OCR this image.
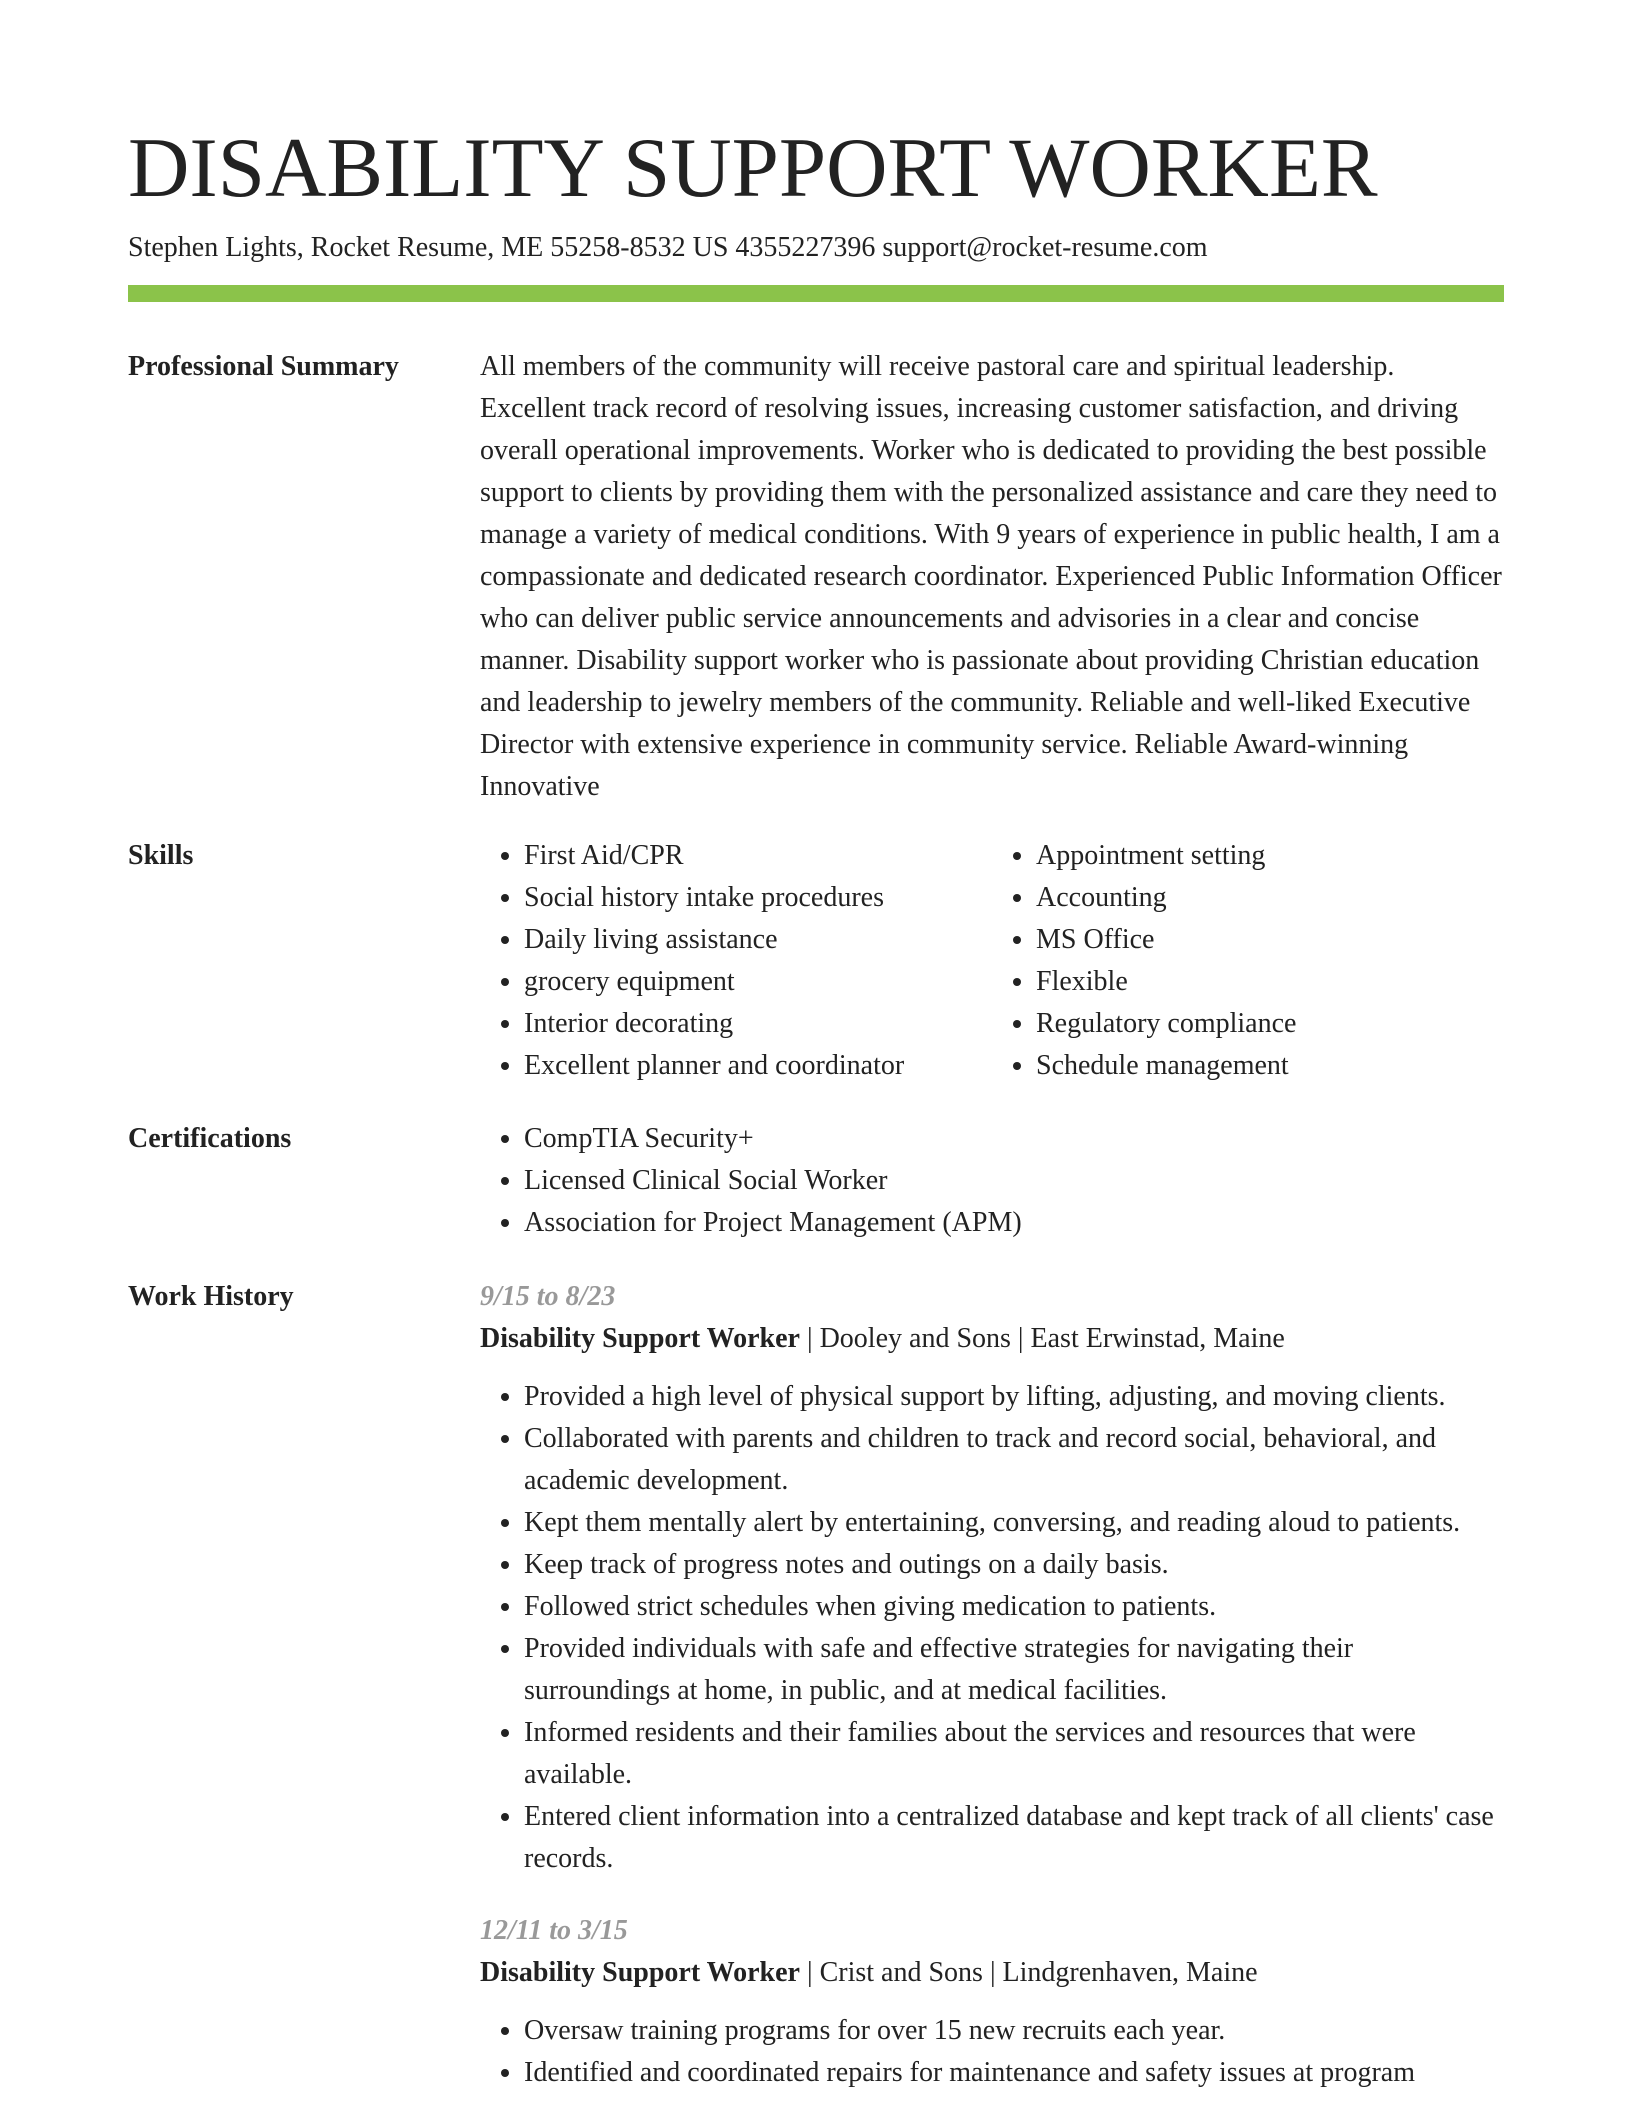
DISABILITY SUPPORT WORKER
Stephen Lights, Rocket Resume, ME 55258-8532 US 4355227396 support@rocket-resume.com
Professional Summary	All members of the community will receive pastoral care and spiritual leadership. Excellent track record of resolving issues, increasing customer satisfaction, and driving overall operational improvements. Worker who is dedicated to providing the best possible support to clients by providing them with the personalized assistance and care they need to manage a variety of medical conditions. With 9 years of experience in public health, I am a compassionate and dedicated research coordinator. Experienced Public Information Officer who can deliver public service announcements and advisories in a clear and concise manner. Disability support worker who is passionate about providing Christian education and leadership to jewelry members of the community. Reliable and well-liked Executive Director with extensive experience in community service. Reliable Award-winning Innovative

Skills	• First Aid/CPR
• Social history intake procedures
• Daily living assistance
• grocery equipment
• Interior decorating
• Excellent planner and coordinator
• Appointment setting
• Accounting
• MS Office
• Flexible
• Regulatory compliance
• Schedule management
Certifications	• CompTIA Security+
• Licensed Clinical Social Worker
• Association for Project Management (APM)
Work History	9/15 to 8/23
Disability Support Worker | Dooley and Sons | East Erwinstad, Maine
• Provided a high level of physical support by lifting, adjusting, and moving clients.
• Collaborated with parents and children to track and record social, behavioral, and academic development.
• Kept them mentally alert by entertaining, conversing, and reading aloud to patients.
• Keep track of progress notes and outings on a daily basis.
• Followed strict schedules when giving medication to patients.
• Provided individuals with safe and effective strategies for navigating their surroundings at home, in public, and at medical facilities.
• Informed residents and their families about the services and resources that were available.
• Entered client information into a centralized database and kept track of all clients' case records.
12/11 to 3/15
Disability Support Worker | Crist and Sons | Lindgrenhaven, Maine
• Oversaw training programs for over 15 new recruits each year.
• Identified and coordinated repairs for maintenance and safety issues at program
